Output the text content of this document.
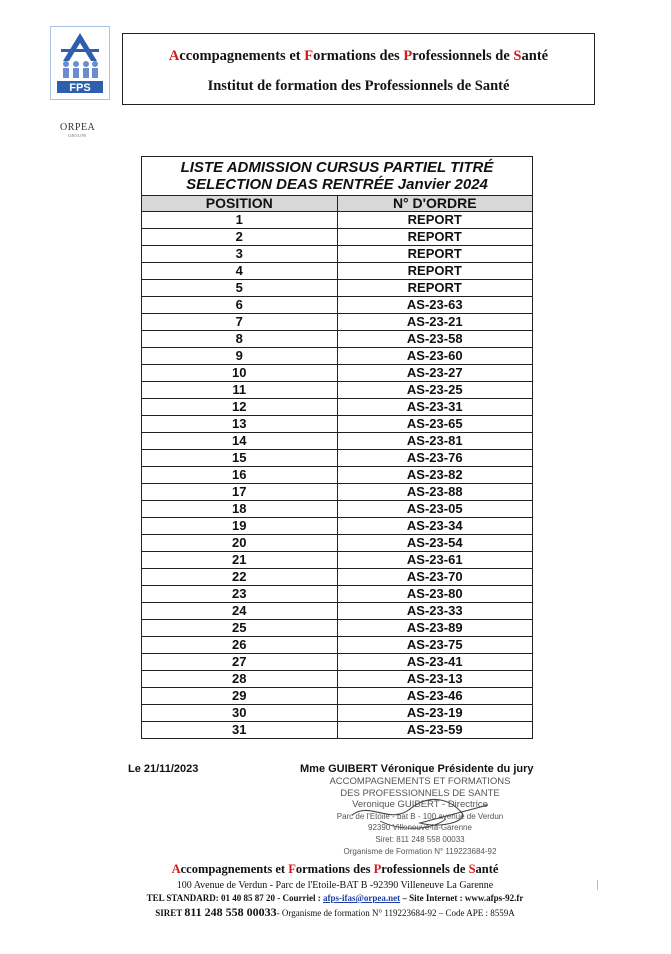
FPS
Accompagnements et Formations des Professionnels de Santé
Institut de formation des Professionnels de Santé
ORPEA
GROUPE
LISTE ADMISSION CURSUS PARTIEL TITRÉ
SELECTION DEAS RENTRÉE Janvier 2024	

POSITION	N° D'ORDRE
1	REPORT
2	REPORT
3	REPORT
4	REPORT
5	REPORT
6	AS-23-63
7	AS-23-21
8	AS-23-58
9	AS-23-60
10	AS-23-27
11	AS-23-25
12	AS-23-31
13	AS-23-65
14	AS-23-81
15	AS-23-76
16	AS-23-82
17	AS-23-88
18	AS-23-05
19	AS-23-34
20	AS-23-54
21	AS-23-61
22	AS-23-70
23	AS-23-80
24	AS-23-33
25	AS-23-89
26	AS-23-75
27	AS-23-41
28	AS-23-13
29	AS-23-46
30	AS-23-19
31	AS-23-59
Le 21/11/2023	Mme GUIBERT Véronique Présidente du jury
ACCOMPAGNEMENTS ET FORMATIONS
DES PROFESSIONNELS DE SANTE
Veronique GUIBERT - Directrice
Parc de l'Etoile - bat B - 100 avenue de Verdun
92390 Villeneuve-la-Garenne
Siret: 811 248 558 00033
Organisme de Formation N° 119223684-92
Accompagnements et Formations des Professionnels de Santé
100 Avenue de Verdun - Parc de l'Etoile-BAT B -92390 Villeneuve La Garenne
TEL STANDARD: 01 40 85 87 20 - Courriel : afps-ifas@orpea.net – Site Internet : www.afps-92.fr
SIRET 811 248 558 00033- Organisme de formation N° 119223684-92 – Code APE : 8559A
